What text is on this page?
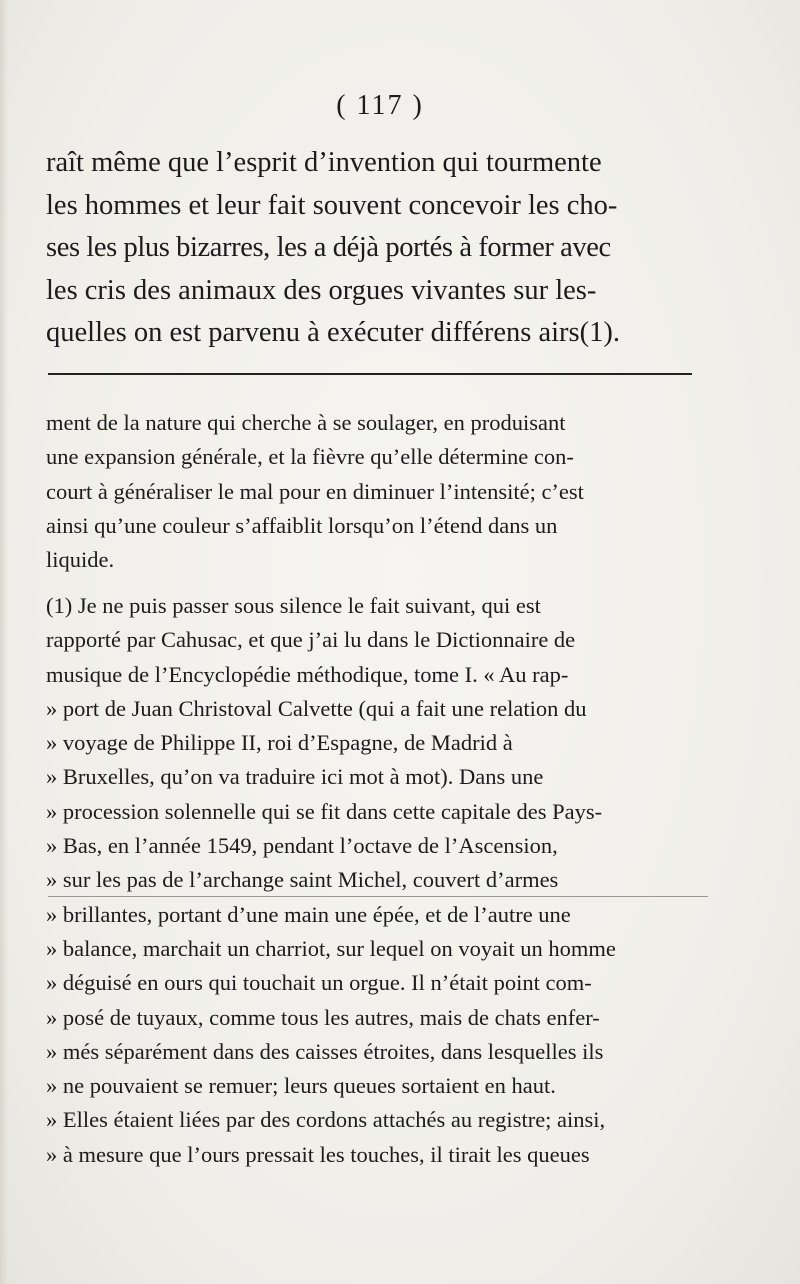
( 117 )
raît même que l’esprit d’invention qui tourmente
les hommes et leur fait souvent concevoir les cho-
ses les plus bizarres, les a déjà portés à former avec
les cris des animaux des orgues vivantes sur les-
quelles on est parvenu à exécuter différens airs(1).
ment de la nature qui cherche à se soulager, en produisant
une expansion générale, et la fièvre qu’elle détermine con-
court à généraliser le mal pour en diminuer l’intensité; c’est
ainsi qu’une couleur s’affaiblit lorsqu’on l’étend dans un
liquide.
(1) Je ne puis passer sous silence le fait suivant, qui est
rapporté par Cahusac, et que j’ai lu dans le Dictionnaire de
musique de l’Encyclopédie méthodique, tome I. « Au rap-
» port de Juan Christoval Calvette (qui a fait une relation du
» voyage de Philippe II, roi d’Espagne, de Madrid à
» Bruxelles, qu’on va traduire ici mot à mot). Dans une
» procession solennelle qui se fit dans cette capitale des Pays-
» Bas, en l’année 1549, pendant l’octave de l’Ascension,
» sur les pas de l’archange saint Michel, couvert d’armes
» brillantes, portant d’une main une épée, et de l’autre une
» balance, marchait un charriot, sur lequel on voyait un homme
» déguisé en ours qui touchait un orgue. Il n’était point com-
» posé de tuyaux, comme tous les autres, mais de chats enfer-
» més séparément dans des caisses étroites, dans lesquelles ils
» ne pouvaient se remuer; leurs queues sortaient en haut.
» Elles étaient liées par des cordons attachés au registre; ainsi,
» à mesure que l’ours pressait les touches, il tirait les queues
